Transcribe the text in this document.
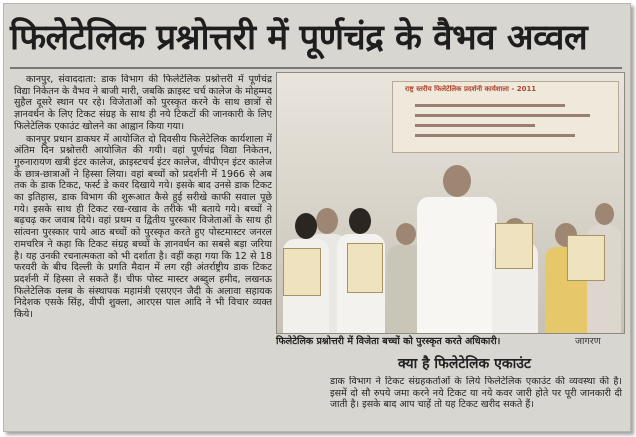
फिलेटेलिक प्रश्नोत्तरी में पूर्णचंद्र के वैभव अव्वल

कानपुर, संवाददाता: डाक विभाग की फिलेटेलिक प्रश्नोत्तरी में पूर्णचंद्र विद्या निकेतन के वैभव ने बाजी मारी, जबकि क्राइस्ट चर्च कालेज के मोहम्मद सुहैल दूसरे स्थान पर रहे। विजेताओं को पुरस्कृत करने के साथ छात्रों से ज्ञानवर्धन के लिए टिकट संग्रह के साथ ही नये टिकटों की जानकारी के लिए फिलेटेलिक एकाउंट खोलने का आह्वान किया गया।

कानपुर प्रधान डाकघर में आयोजित दो दिवसीय फिलेटेलिक कार्यशाला में अंतिम दिन प्रश्नोत्तरी आयोजित की गयी। वहां पूर्णचंद्र विद्या निकेतन, गुरुनारायण खत्री इंटर कालेज, क्राइस्टचर्च इंटर कालेज, वीपीएन इंटर कालेज के छात्र-छात्राओं ने हिस्सा लिया। वहां बच्चों को प्रदर्शनी में 1966 से अब तक के डाक टिकट, फर्स्ट डे कवर दिखाये गये। इसके बाद उनसे डाक टिकट का इतिहास, डाक विभाग की शुरूआत कैसे हुई सरीखे काफी सवाल पूछे गये। इसके साथ ही टिकट रख-रखाव के तरीके भी बताये गये। बच्चों ने बढ़चढ़ कर जवाब दिये। वहां प्रथम व द्वितीय पुरस्कार विजेताओं के साथ ही सांत्वना पुरस्कार पाये आठ बच्चों को पुरस्कृत करते हुए पोस्टमास्टर जनरल रामचरित्र ने कहा कि टिकट संग्रह बच्चों के ज्ञानवर्धन का सबसे बड़ा जरिया है। यह उनकी रचनात्मकता को भी दर्शाता है। वहीं कहा गया कि 12 से 18 फरवरी के बीच दिल्ली के प्रगति मैदान में लग रही अंतर्राष्ट्रीय डाक टिकट प्रदर्शनी में हिस्सा ले सकते हैं। चीफ पोस्ट मास्टर अब्दुल हमीद, लखनऊ फिलेटेलिक क्लब के संस्थापक महामंत्री एसएएन जैदी के अलावा सहायक निदेशक एसके सिंह, वीपी शुक्ला, आरएस पाल आदि ने भी विचार व्यक्त किये।

राष्ट्र स्तरीय फिलेटेलिक प्रदर्शनी कार्यशाला - 2011
फिलेटेलिक प्रश्नोत्तरी में विजेता बच्चों को पुरस्कृत करते अधिकारी।	जागरण
क्या है फिलेटेलिक एकाउंट
डाक विभाग ने टिकट संग्रहकर्ताओं के लिये फिलेटेलिक एकाउंट की व्यवस्था की है। इसमें दो सौ रुपये जमा करने नये टिकट या नये कवर जारी होते पर पूरी जानकारी दी जाती है। इसके बाद आप चाहें तो यह टिकट खरीद सकते हैं।
